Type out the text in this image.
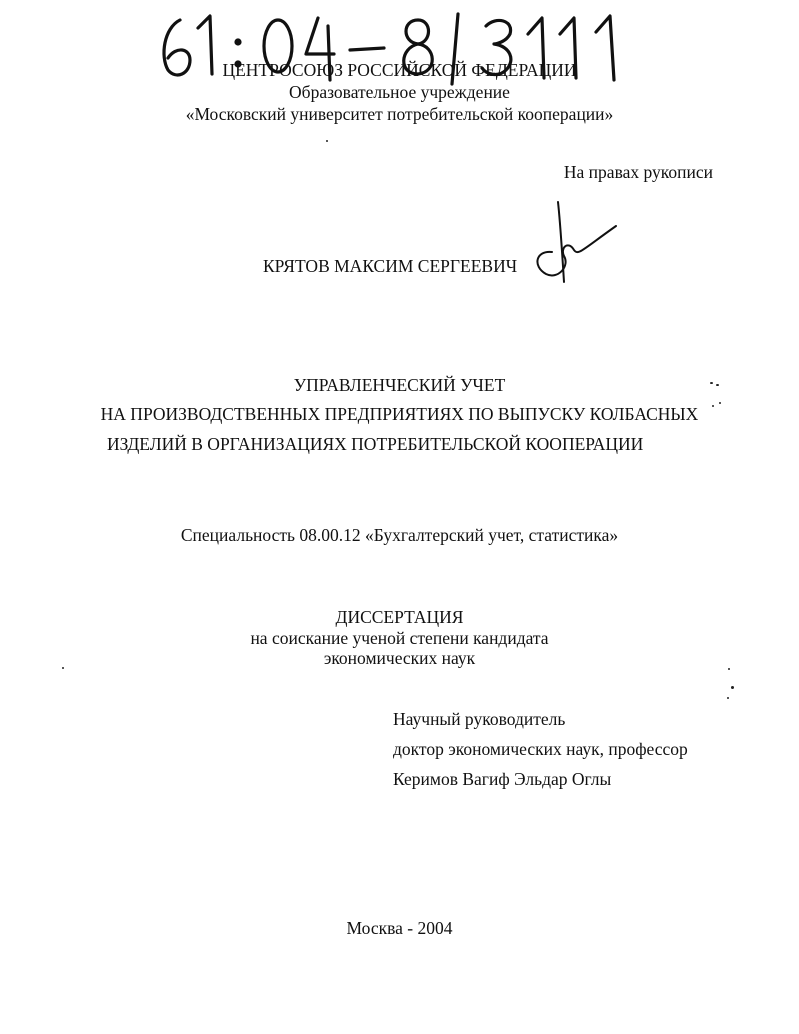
ЦЕНТРОСОЮЗ РОССИЙСКОЙ ФЕДЕРАЦИИ
Образовательное учреждение
«Московский университет потребительской кооперации»
На правах рукописи
КРЯТОВ МАКСИМ СЕРГЕЕВИЧ
УПРАВЛЕНЧЕСКИЙ УЧЕТ
НА ПРОИЗВОДСТВЕННЫХ ПРЕДПРИЯТИЯХ ПО ВЫПУСКУ КОЛБАСНЫХ
ИЗДЕЛИЙ В ОРГАНИЗАЦИЯХ ПОТРЕБИТЕЛЬСКОЙ КООПЕРАЦИИ
Специальность 08.00.12 «Бухгалтерский учет, статистика»
ДИССЕРТАЦИЯ
на соискание ученой степени кандидата
экономических наук
Научный руководитель
доктор экономических наук, профессор
Керимов Вагиф Эльдар Оглы
Москва - 2004
